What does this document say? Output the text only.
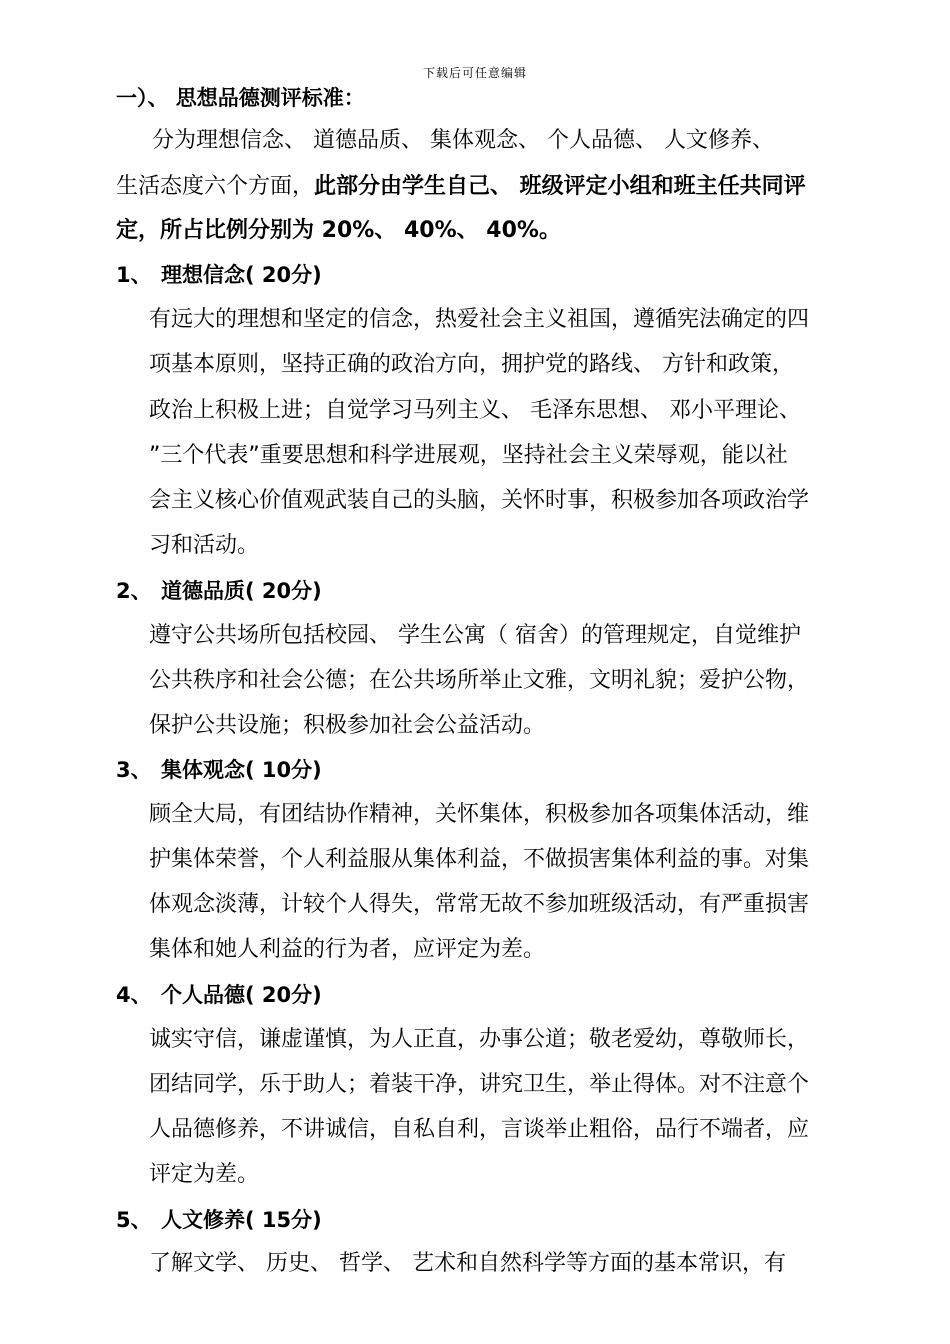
下载后可任意编辑
一）、 思想品德测评标准：
分为理想信念、 道德品质、 集体观念、 个人品德、 人文修养、
生活态度六个方面，此部分由学生自己、 班级评定小组和班主任共同评
定，所占比例分别为 20%、 40%、 40%。
1、 理想信念( 20分)
有远大的理想和坚定的信念，热爱社会主义祖国，遵循宪法确定的四
项基本原则，坚持正确的政治方向，拥护党的路线、 方针和政策，
政治上积极上进；自觉学习马列主义、 毛泽东思想、 邓小平理论、
”三个代表”重要思想和科学进展观，坚持社会主义荣辱观，能以社
会主义核心价值观武装自己的头脑，关怀时事，积极参加各项政治学
习和活动。
2、 道德品质( 20分)
遵守公共场所包括校园、 学生公寓（ 宿舍）的管理规定，自觉维护
公共秩序和社会公德；在公共场所举止文雅，文明礼貌；爱护公物，
保护公共设施；积极参加社会公益活动。
3、 集体观念( 10分)
顾全大局，有团结协作精神，关怀集体，积极参加各项集体活动，维
护集体荣誉，个人利益服从集体利益，不做损害集体利益的事。对集
体观念淡薄，计较个人得失，常常无故不参加班级活动，有严重损害
集体和她人利益的行为者，应评定为差。
4、 个人品德( 20分)
诚实守信，谦虚谨慎，为人正直，办事公道；敬老爱幼，尊敬师长，
团结同学，乐于助人；着装干净，讲究卫生，举止得体。对不注意个
人品德修养，不讲诚信，自私自利，言谈举止粗俗，品行不端者，应
评定为差。
5、 人文修养( 15分)
了解文学、 历史、 哲学、 艺术和自然科学等方面的基本常识，有
